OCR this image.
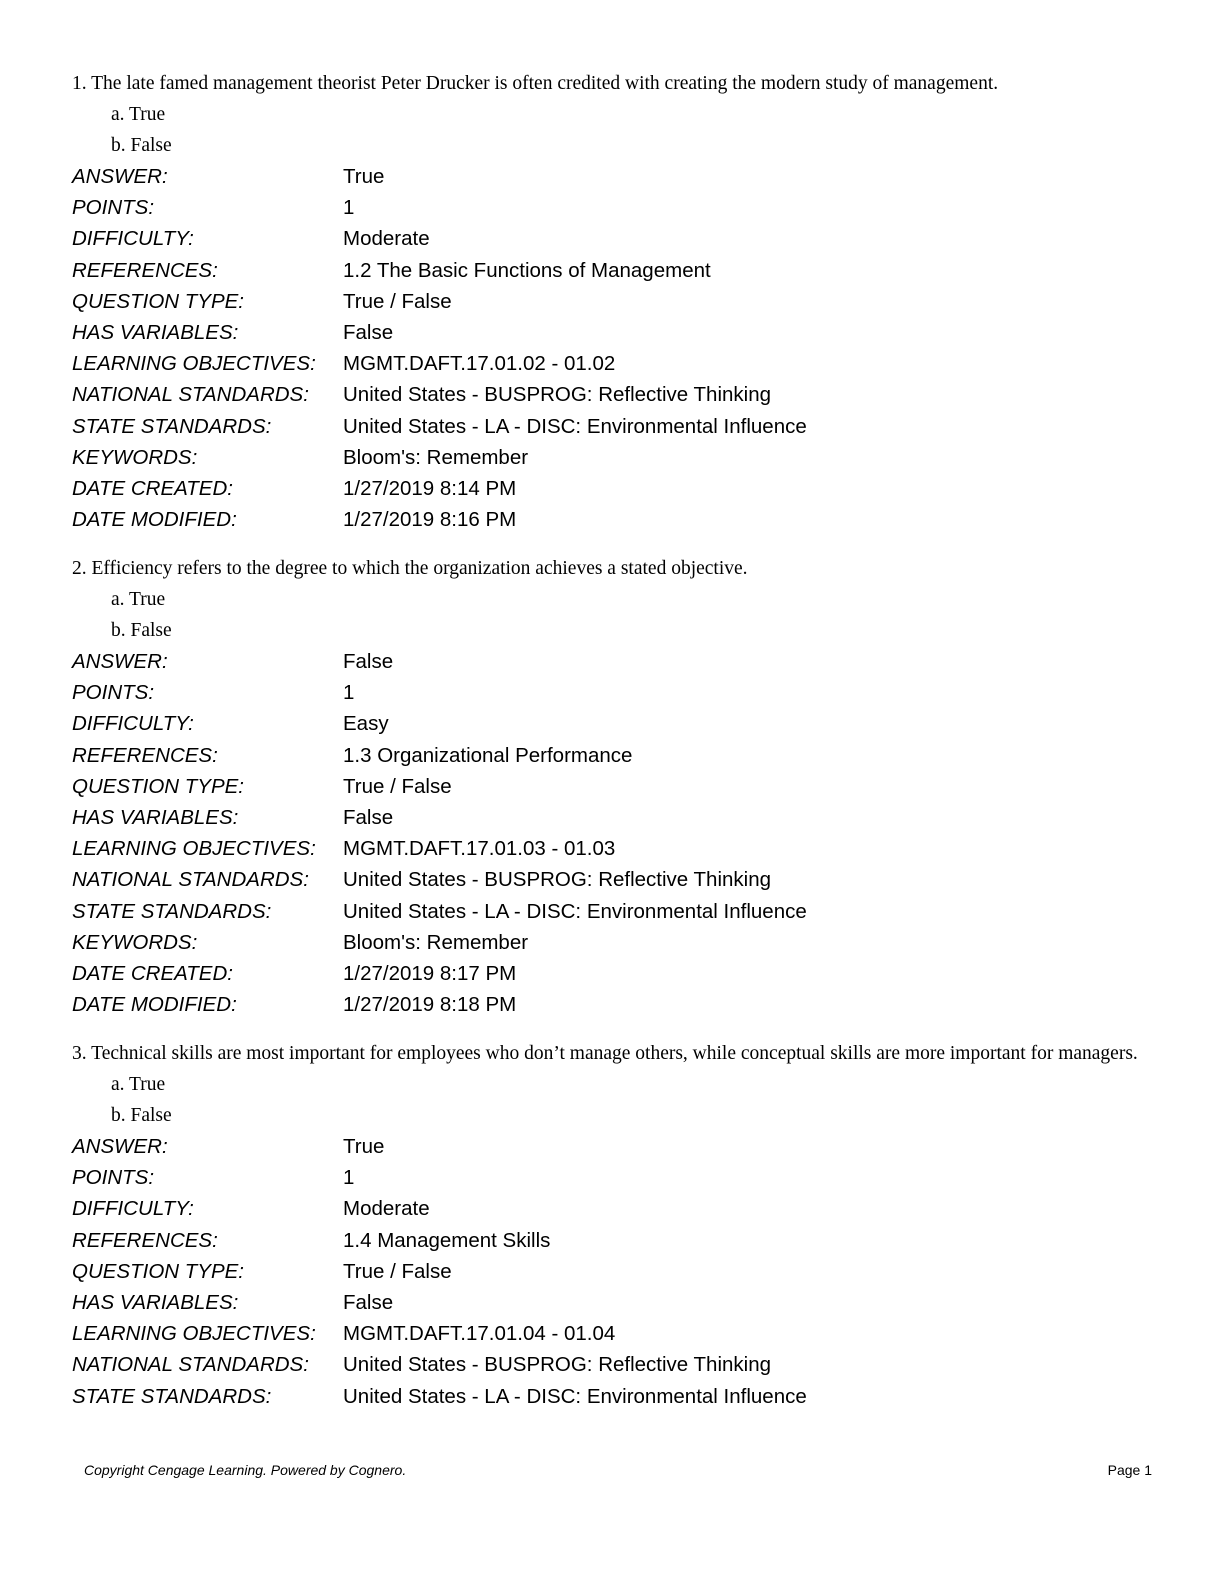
1. The late famed management theorist Peter Drucker is often credited with creating the modern study of management.

a. True
b. False
ANSWER:	True
POINTS:	1
DIFFICULTY:	Moderate
REFERENCES:	1.2 The Basic Functions of Management
QUESTION TYPE:	True / False
HAS VARIABLES:	False
LEARNING OBJECTIVES:	MGMT.DAFT.17.01.02 - 01.02
NATIONAL STANDARDS:	United States - BUSPROG: Reflective Thinking
STATE STANDARDS:	United States - LA - DISC: Environmental Influence
KEYWORDS:	Bloom's: Remember
DATE CREATED:	1/27/2019 8:14 PM
DATE MODIFIED:	1/27/2019 8:16 PM

2. Efficiency refers to the degree to which the organization achieves a stated objective.

a. True
b. False
ANSWER:	False
POINTS:	1
DIFFICULTY:	Easy
REFERENCES:	1.3 Organizational Performance
QUESTION TYPE:	True / False
HAS VARIABLES:	False
LEARNING OBJECTIVES:	MGMT.DAFT.17.01.03 - 01.03
NATIONAL STANDARDS:	United States - BUSPROG: Reflective Thinking
STATE STANDARDS:	United States - LA - DISC: Environmental Influence
KEYWORDS:	Bloom's: Remember
DATE CREATED:	1/27/2019 8:17 PM
DATE MODIFIED:	1/27/2019 8:18 PM

3. Technical skills are most important for employees who don’t manage others, while conceptual skills are more important for managers.

a. True
b. False
ANSWER:	True
POINTS:	1
DIFFICULTY:	Moderate
REFERENCES:	1.4 Management Skills
QUESTION TYPE:	True / False
HAS VARIABLES:	False
LEARNING OBJECTIVES:	MGMT.DAFT.17.01.04 - 01.04
NATIONAL STANDARDS:	United States - BUSPROG: Reflective Thinking
STATE STANDARDS:	United States - LA - DISC: Environmental Influence
Copyright Cengage Learning. Powered by Cognero.	Page 1
